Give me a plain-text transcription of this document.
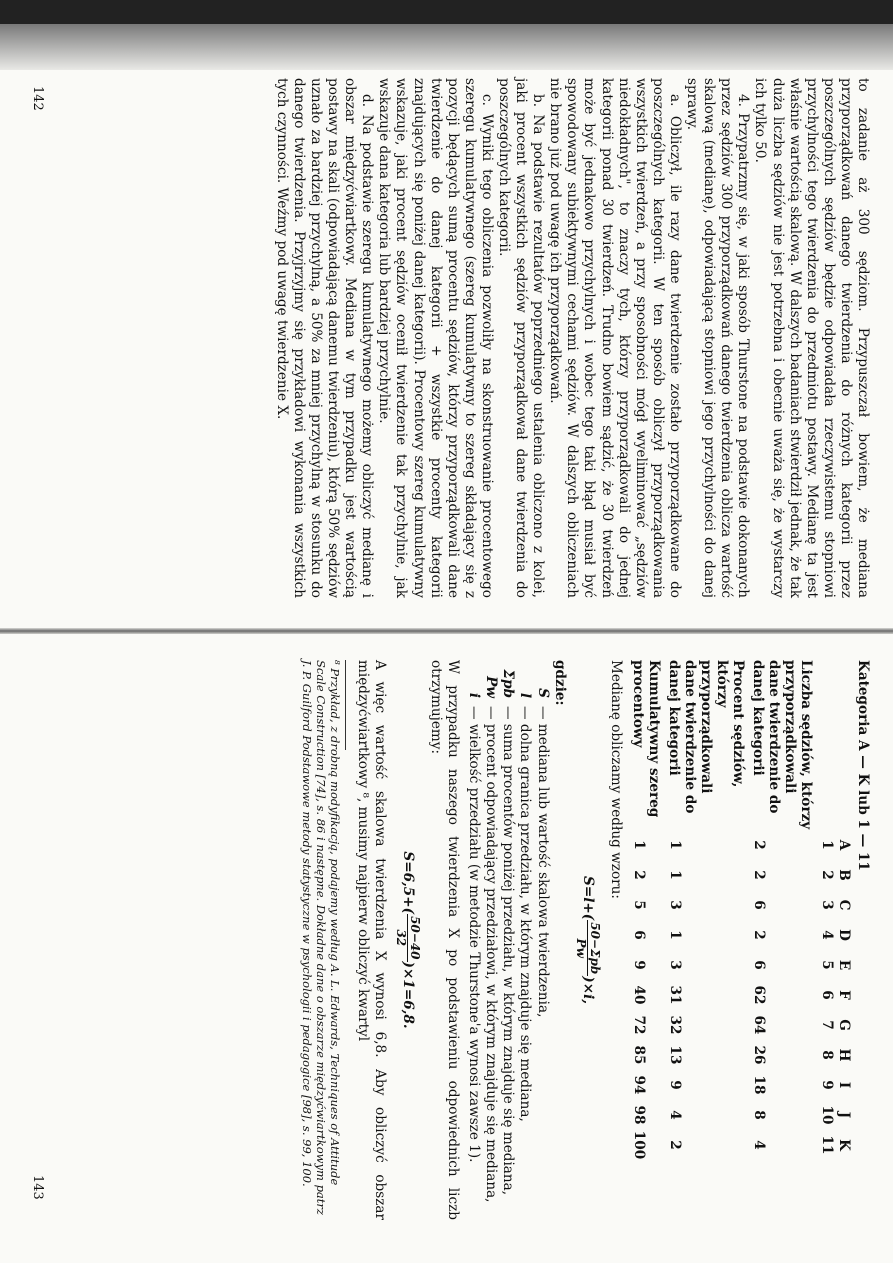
to zadanie aż 300 sędziom. Przypuszczał bowiem, że mediana przyporządkowań danego twierdzenia do różnych kategorii przez poszczególnych sędziów będzie odpowiadała rzeczywistemu stopniowi przychylności tego twierdzenia do przedmiotu postawy. Medianę ta jest właśnie wartością skalową. W dalszych badaniach stwierdził jednak, że tak duża liczba sędziów nie jest potrzebna i obecnie uważa się, że wystarczy ich tylko 50.

4. Przypatrzmy się, w jaki sposób Thurstone na podstawie dokonanych przez sędziów 300 przyporządkowań danego twierdzenia oblicza wartość skalową (medianę), odpowiadającą stopniowi jego przychylności do danej sprawy.

a. Obliczył, ile razy dane twierdzenie zostało przyporządkowane do poszczególnych kategorii. W ten sposób obliczył przyporządkowania wszystkich twierdzeń, a przy sposobności mógł wyeliminować „sędziów niedokładnych", to znaczy tych, którzy przyporządkowali do jednej kategorii ponad 30 twierdzeń. Trudno bowiem sądzić, że 30 twierdzeń może być jednakowo przychylnych i wobec tego taki błąd musiał być spowodowany subiektywnymi cechami sędziów. W dalszych obliczeniach nie brano już pod uwagę ich przyporządkowań.

b. Na podstawie rezultatów poprzedniego ustalenia obliczono z kolei, jaki procent wszystkich sędziów przyporządkował dane twierdzenia do poszczególnych kategorii.

c. Wyniki tego obliczenia pozwoliły na skonstruowanie procentowego szeregu kumulatywnego (szereg kumulatywny to szereg składający się z pozycji będących sumą procentu sędziów, którzy przyporządkowali dane twierdzenie do danej kategorii + wszystkie procenty kategorii znajdujących się poniżej danej kategorii). Procentowy szereg kumulatywny wskazuje, jaki procent sędziów ocenił twierdzenie tak przychylnie, jak wskazuje dana kategoria lub bardziej przychylnie.

d. Na podstawie szeregu kumulatywnego możemy obliczyć medianę i obszar międzyćwiartkowy. Mediana w tym przypadku jest wartością postawy na skali (odpowiadającą danemu twierdzeniu), którą 50% sędziów uznało za bardziej przychylną, a 50% za mniej przychylną w stosunku do danego twierdzenia. Przyjrzyjmy się przykładowi wykonania wszystkich tych czynności. Weźmy pod uwagę twierdzenie X.

142
Kategoria A — K lub 1 — 11
A
B
C
D
E
F
G
H
I
J
K
1
2
3
4
5
6
7
8
9
10
11
Liczba sędziów, którzy przyporządkowali dane twierdzenie do danej kategorii
2
2
6
2
6
62
64
26
18
8
4
Procent sędziów, którzy przyporządkowali dane twierdzenie do danej kategorii
1
1
3
1
3
31
32
13
9
4
2
Kumulatywny szereg procentowy
1
2
5
6
9
40
72
85
94
98
100
Medianę obliczamy według wzoru:
S=l+(
50−Σpb
Pw
)×i,
gdzie:
S
— mediana lub wartość skalowa twierdzenia,
l
— dolna granica przedziału, w którym znajduje się mediana,
Σpb
— suma procentów poniżej przedziału, w którym znajduje się mediana,
Pw
— procent odpowiadający przedziałowi, w którym znajduje się mediana,
i
— wielkość przedziału (w metodzie Thurstone'a wynosi zawsze 1).
W przypadku naszego twierdzenia X po podstawieniu odpowiednich liczb otrzymujemy:
S=6,5+(
50−40
32
)×1=6,8.
A więc wartość skalowa twierdzenia X wynosi 6,8. Aby obliczyć obszar międzyćwiartkowy ⁸, musimy najpierw obliczyć kwartyl
⁸ Przykład, z drobną modyfikacją, podajemy według A. L. Edwards, Techniques of Attitude Scale Construction [74], s. 86 i następne. Dokładne dane o obszarze międzyćwiartkowym patrz J. P. Guilford Podstawowe metody statystyczne w psychologii i pedagogice [98], s. 99, 100.
143
